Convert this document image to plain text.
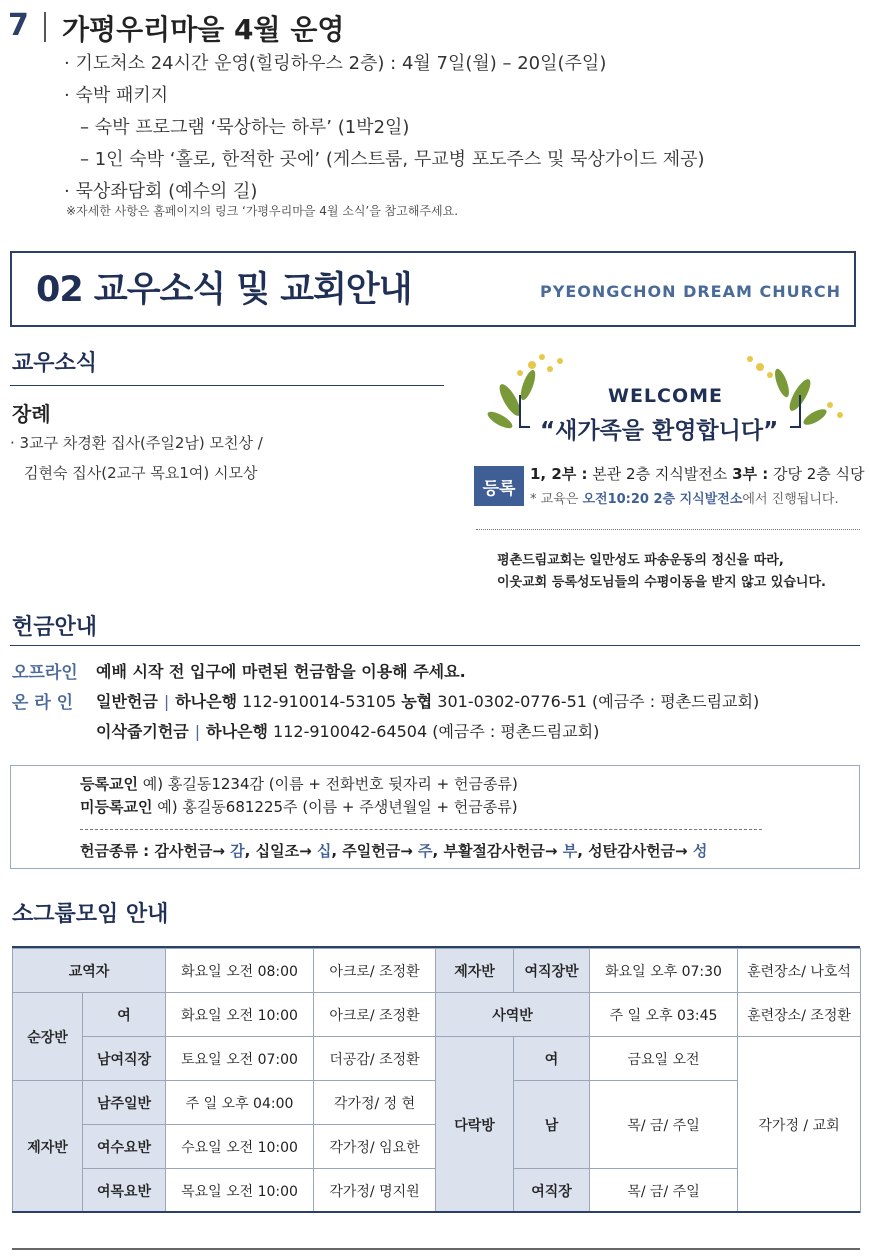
7 가평우리마을 4월 운영
· 기도처소 24시간 운영(힐링하우스 2층) : 4월 7일(월) – 20일(주일)
· 숙박 패키지
– 숙박 프로그램 ‘묵상하는 하루’ (1박2일)
– 1인 숙박 ‘홀로, 한적한 곳에’ (게스트룸, 무교병 포도주스 및 묵상가이드 제공)
· 묵상좌담회 (예수의 길)
※자세한 사항은 홈페이지의 링크 ‘가평우리마을 4월 소식’을 참고해주세요.
02 교우소식 및 교회안내	PYEONGCHON DREAM CHURCH
교우소식
장례
· 3교구 차경환 집사(주일2남) 모친상 /
김현숙 집사(2교구 목요1여) 시모상
WELCOME
“새가족을 환영합니다”
등록
1, 2부 : 본관 2층 지식발전소 3부 : 강당 2층 식당
* 교육은 오전10:20 2층 지식발전소에서 진행됩니다.
평촌드림교회는 일만성도 파송운동의 정신을 따라,
이웃교회 등록성도님들의 수평이동을 받지 않고 있습니다.
헌금안내
오프라인 예배 시작 전 입구에 마련된 헌금함을 이용해 주세요.
온 라 인 일반헌금 | 하나은행 112-910014-53105 농협 301-0302-0776-51 (예금주 : 평촌드림교회)
이삭줍기헌금 | 하나은행 112-910042-64504 (예금주 : 평촌드림교회)
등록교인 예) 홍길동1234감 (이름 + 전화번호 뒷자리 + 헌금종류)
미등록교인 예) 홍길동681225주 (이름 + 주생년월일 + 헌금종류)
헌금종류 : 감사헌금→ 감, 십일조→ 십, 주일헌금→ 주, 부활절감사헌금→ 부, 성탄감사헌금→ 성
소그룹모임 안내
교역자		화요일 오전 08:00	아크로/ 조정환	제자반	여직장반	화요일 오후 07:30	훈련장소/ 나호석
순장반	여	화요일 오전 10:00	아크로/ 조정환	사역반		주 일 오후 03:45	훈련장소/ 조정환
	남여직장	토요일 오전 07:00	더공감/ 조정환	다락방	여	금요일 오전	각가정 / 교회
제자반	남주일반	주 일 오후 04:00	각가정/ 정 현		남	목/ 금/ 주일	
	여수요반	수요일 오전 10:00	각가정/ 임요한				
	여목요반	목요일 오전 10:00	각가정/ 명지원		여직장	목/ 금/ 주일	
